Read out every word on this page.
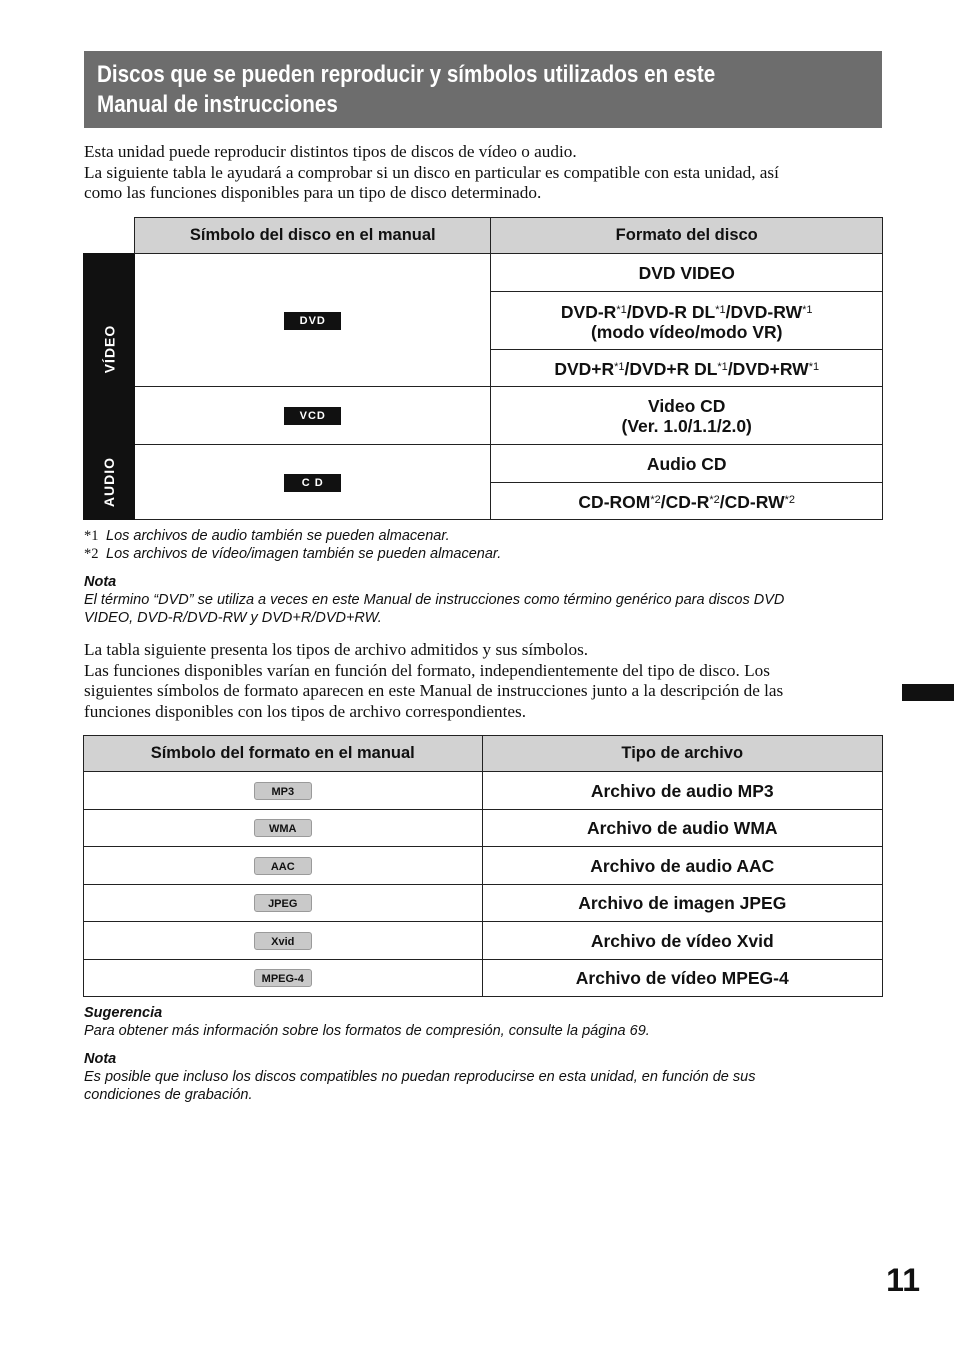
Discos que se pueden reproducir y símbolos utilizados en este
Manual de instrucciones

Esta unidad puede reproducir distintos tipos de discos de vídeo o audio.
La siguiente tabla le ayudará a comprobar si un disco en particular es compatible con esta unidad, así
como las funciones disponibles para un tipo de disco determinado.

	Símbolo del disco en el manual	Formato del disco
VÍDEO	DVD	DVD VIDEO
		DVD-$R^{*1}/DVD-R$ DL$^{*1}$/DVD-RW$^{*1}$
(modo vídeo/modo VR)
		$DVD+R^{*1}/DVD+R$ $DL^{*1}/DVD+RW^{*1}$
	VCD	Video CD
(Ver. 1.0/1.1/2.0)
AUDIO	C D	Audio CD
		$CD-ROM^{*2}/CD-R^{*2}/CD-RW^{*2}$
*1 Los archivos de audio también se pueden almacenar.
*2 Los archivos de vídeo/imagen también se pueden almacenar.
Nota
El término “DVD” se utiliza a veces en este Manual de instrucciones como término genérico para discos DVD
VIDEO, DVD-R/DVD-RW y DVD+R/DVD+RW.

La tabla siguiente presenta los tipos de archivo admitidos y sus símbolos.
Las funciones disponibles varían en función del formato, independientemente del tipo de disco. Los
siguientes símbolos de formato aparecen en este Manual de instrucciones junto a la descripción de las
funciones disponibles con los tipos de archivo correspondientes.

Símbolo del formato en el manual	Tipo de archivo
MP3	Archivo de audio MP3
WMA	Archivo de audio WMA
AAC	Archivo de audio AAC
JPEG	Archivo de imagen JPEG
Xvid	Archivo de vídeo Xvid
MPEG-4	Archivo de vídeo MPEG-4
Sugerencia
Para obtener más información sobre los formatos de compresión, consulte la página 69.
Nota
Es posible que incluso los discos compatibles no puedan reproducirse en esta unidad, en función de sus
condiciones de grabación.
11
